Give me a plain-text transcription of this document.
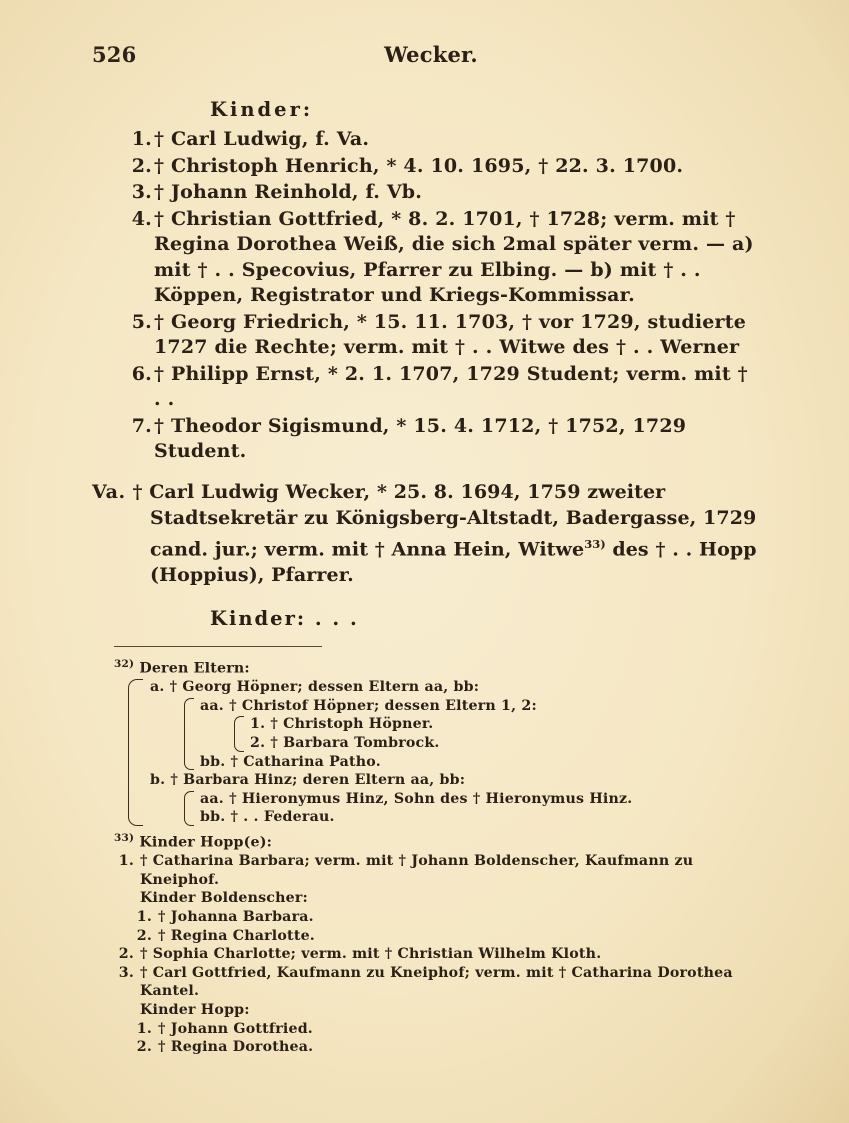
526	Wecker.
Kinder:
1. † Carl Ludwig, f. Va.
2. † Christoph Henrich, * 4. 10. 1695, † 22. 3. 1700.
3. † Johann Reinhold, f. Vb.
4. † Christian Gottfried, * 8. 2. 1701, † 1728; verm. mit † Regina Dorothea Weiß, die sich 2mal später verm. — a) mit † . . Specovius, Pfarrer zu Elbing. — b) mit † . . Köppen, Registrator und Kriegs-Kommissar.
5. † Georg Friedrich, * 15. 11. 1703, † vor 1729, studierte 1727 die Rechte; verm. mit † . . Witwe des † . . Werner
6. † Philipp Ernst, * 2. 1. 1707, 1729 Student; verm. mit † . .
7. † Theodor Sigismund, * 15. 4. 1712, † 1752, 1729 Student.

Va. † Carl Ludwig Wecker, * 25. 8. 1694, 1759 zweiter Stadtsekretär zu Königsberg-Altstadt, Badergasse, 1729 cand. jur.; verm. mit † Anna Hein, Witwe$^{33)}$ des † . . Hopp (Hoppius), Pfarrer.

Kinder: . . .
$^{32)}$ Deren Eltern:
a. † Georg Höpner; dessen Eltern aa, bb:
aa. † Christof Höpner; dessen Eltern 1, 2:
1. † Christoph Höpner.
2. † Barbara Tombrock.
bb. † Catharina Patho.
b. † Barbara Hinz; deren Eltern aa, bb:
aa. † Hieronymus Hinz, Sohn des † Hieronymus Hinz.
bb. † . . Federau.
$^{33)}$ Kinder Hopp(e):
1. † Catharina Barbara; verm. mit † Johann Boldenscher, Kaufmann zu Kneiphof.
Kinder Boldenscher:
1. † Johanna Barbara.
2. † Regina Charlotte.
2. † Sophia Charlotte; verm. mit † Christian Wilhelm Kloth.
3. † Carl Gottfried, Kaufmann zu Kneiphof; verm. mit † Catharina Dorothea Kantel.
Kinder Hopp:
1. † Johann Gottfried.
2. † Regina Dorothea.
